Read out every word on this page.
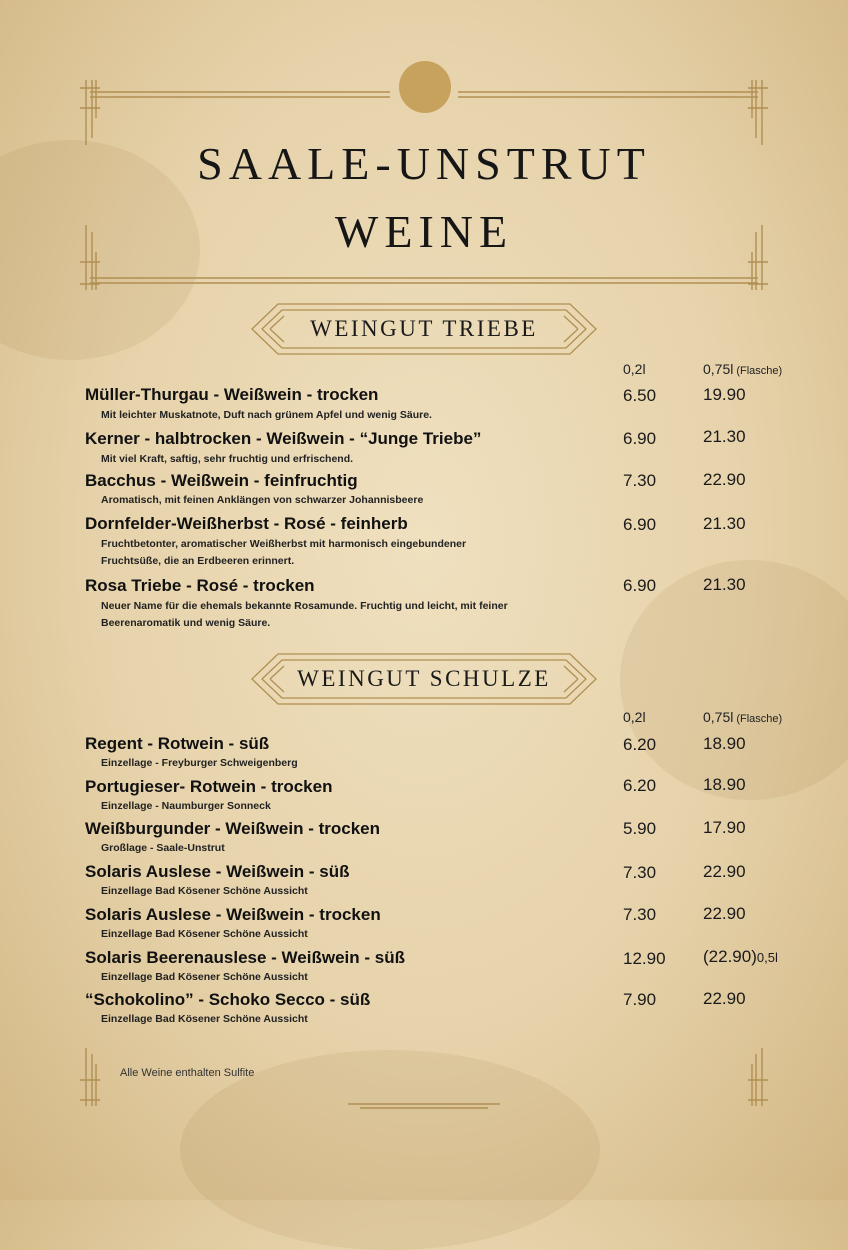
SAALE-UNSTRUT
WEINE
WEINGUT TRIEBE
0,2l	0,75l (Flasche)
Müller-Thurgau - Weißwein - trocken
Mit leichter Muskatnote, Duft nach grünem Apfel und wenig Säure.
6.50	19.90
Kerner - halbtrocken - Weißwein - “Junge Triebe”
Mit viel Kraft, saftig, sehr fruchtig und erfrischend.
6.90	21.30
Bacchus - Weißwein - feinfruchtig
Aromatisch, mit feinen Anklängen von schwarzer Johannisbeere
7.30	22.90
Dornfelder-Weißherbst - Rosé - feinherb
Fruchtbetonter, aromatischer Weißherbst mit harmonisch eingebundener Fruchtsüße, die an Erdbeeren erinnert.
6.90	21.30
Rosa Triebe - Rosé - trocken
Neuer Name für die ehemals bekannte Rosamunde. Fruchtig und leicht, mit feiner Beerenaromatik und wenig Säure.
6.90	21.30
WEINGUT SCHULZE
0,2l	0,75l (Flasche)
Regent - Rotwein - süß
Einzellage - Freyburger Schweigenberg
6.20	18.90
Portugieser- Rotwein - trocken
Einzellage - Naumburger Sonneck
6.20	18.90
Weißburgunder - Weißwein - trocken
Großlage - Saale-Unstrut
5.90	17.90
Solaris Auslese - Weißwein - süß
Einzellage Bad Kösener Schöne Aussicht
7.30	22.90
Solaris Auslese - Weißwein - trocken
Einzellage Bad Kösener Schöne Aussicht
7.30	22.90
Solaris Beerenauslese - Weißwein - süß
Einzellage Bad Kösener Schöne Aussicht
12.90 (22.90)0,5l
“Schokolino” - Schoko Secco - süß
Einzellage Bad Kösener Schöne Aussicht
7.90	22.90
Alle Weine enthalten Sulfite
